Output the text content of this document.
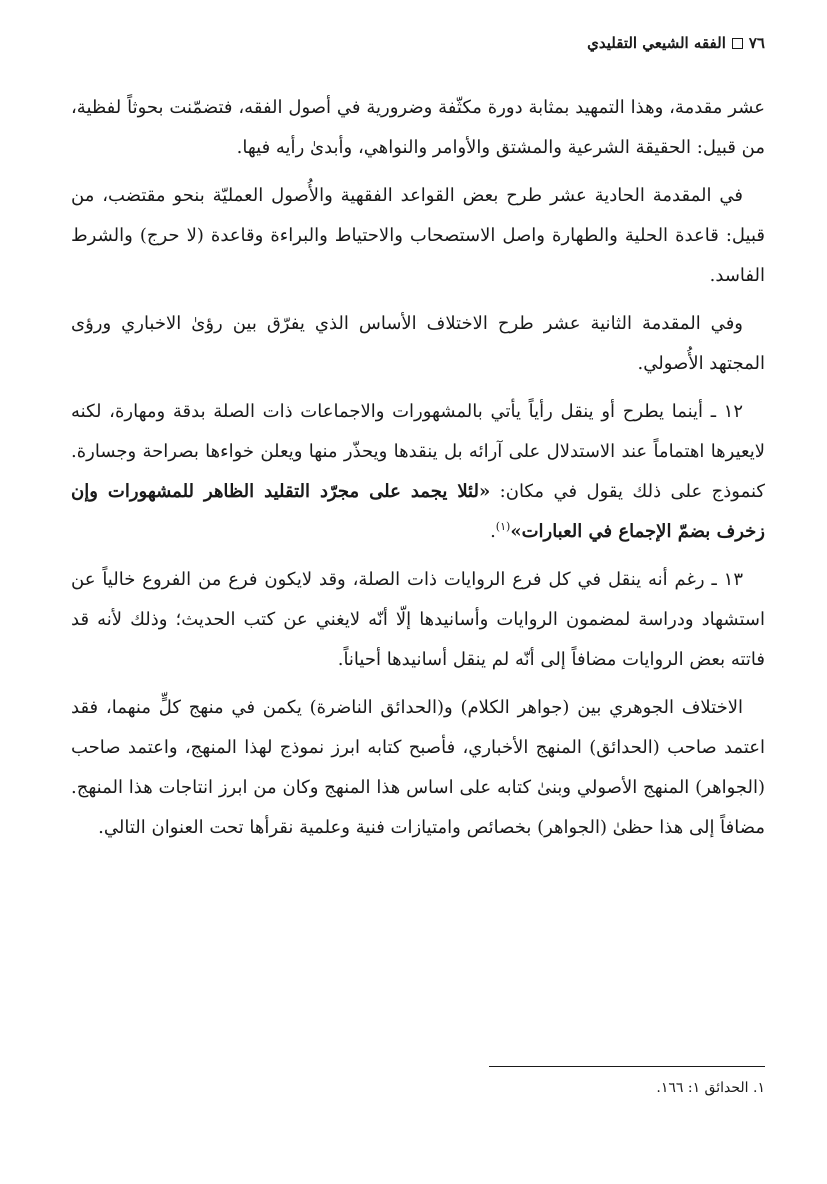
٧٦
الفقه الشيعي التقليدي

عشر مقدمة، وهذا التمهيد بمثابة دورة مكثّفة وضرورية في أصول الفقه، فتضمّنت بحوثاً لفظية، من قبيل: الحقيقة الشرعية والمشتق والأوامر والنواهي، وأبدىٰ رأيه فيها.

في المقدمة الحادية عشر طرح بعض القواعد الفقهية والأُصول العمليّة بنحو مقتضب، من قبيل: قاعدة الحلية والطهارة واصل الاستصحاب والاحتياط والبراءة وقاعدة (لا حرج) والشرط الفاسد.

وفي المقدمة الثانية عشر طرح الاختلاف الأساس الذي يفرّق بين رؤىٰ الاخباري ورؤى المجتهد الأُصولي.

١٢ ـ أينما يطرح أو ينقل رأياً يأتي بالمشهورات والاجماعات ذات الصلة بدقة ومهارة، لكنه لايعيرها اهتماماً عند الاستدلال على آرائه بل ينقدها ويحذّر منها ويعلن خواءها بصراحة وجسارة. كنموذج على ذلك يقول في مكان: «لئلا يجمد على مجرّد التقليد الظاهر للمشهورات وإن زخرف بضمّ الإجماع في العبارات»$^{(١)}$.

١٣ ـ رغم أنه ينقل في كل فرع الروايات ذات الصلة، وقد لايكون فرع من الفروع خالياً عن استشهاد ودراسة لمضمون الروايات وأسانيدها إلّا أنّه لايغني عن كتب الحديث؛ وذلك لأنه قد فاتته بعض الروايات مضافاً إلى أنّه لم ينقل أسانيدها أحياناً.

الاختلاف الجوهري بين (جواهر الكلام) و(الحدائق الناضرة) يكمن في منهج كلٍّ منهما، فقد اعتمد صاحب (الحدائق) المنهج الأخباري، فأصبح كتابه ابرز نموذج لهذا المنهج، واعتمد صاحب (الجواهر) المنهج الأصولي وبنىٰ كتابه على اساس هذا المنهج وكان من ابرز انتاجات هذا المنهج. مضافاً إلى هذا حظىٰ (الجواهر) بخصائص وامتيازات فنية وعلمية نقرأها تحت العنوان التالي.

١. الحدائق ١: ١٦٦.
